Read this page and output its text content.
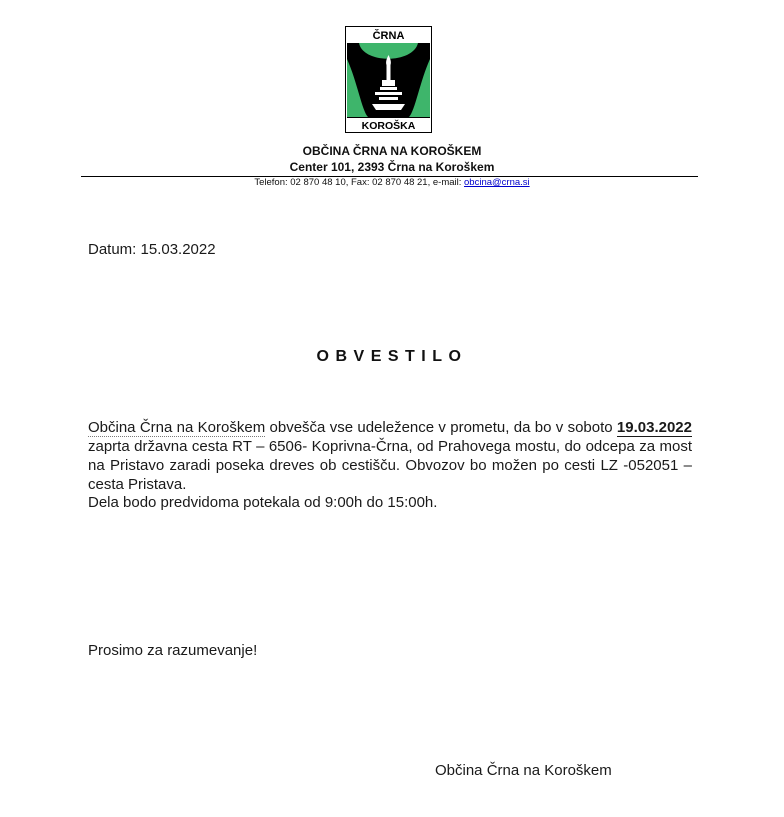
ČRNA
KOROŠKA
OBČINA ČRNA NA KOROŠKEM
Center 101, 2393 Črna na Koroškem
Telefon: 02 870 48 10, Fax: 02 870 48 21, e-mail: obcina@crna.si
Datum: 15.03.2022
OBVESTILO
Občina Črna na Koroškem obvešča vse udeležence v prometu, da bo v soboto 19.03.2022 zaprta državna cesta RT – 6506- Koprivna-Črna, od Prahovega mostu, do odcepa za most na Pristavo zaradi poseka dreves ob cestišču. Obvozov bo možen po cesti LZ -052051 –cesta Pristava.
Dela bodo predvidoma potekala od 9:00h do 15:00h.
Prosimo za razumevanje!
Občina Črna na Koroškem
